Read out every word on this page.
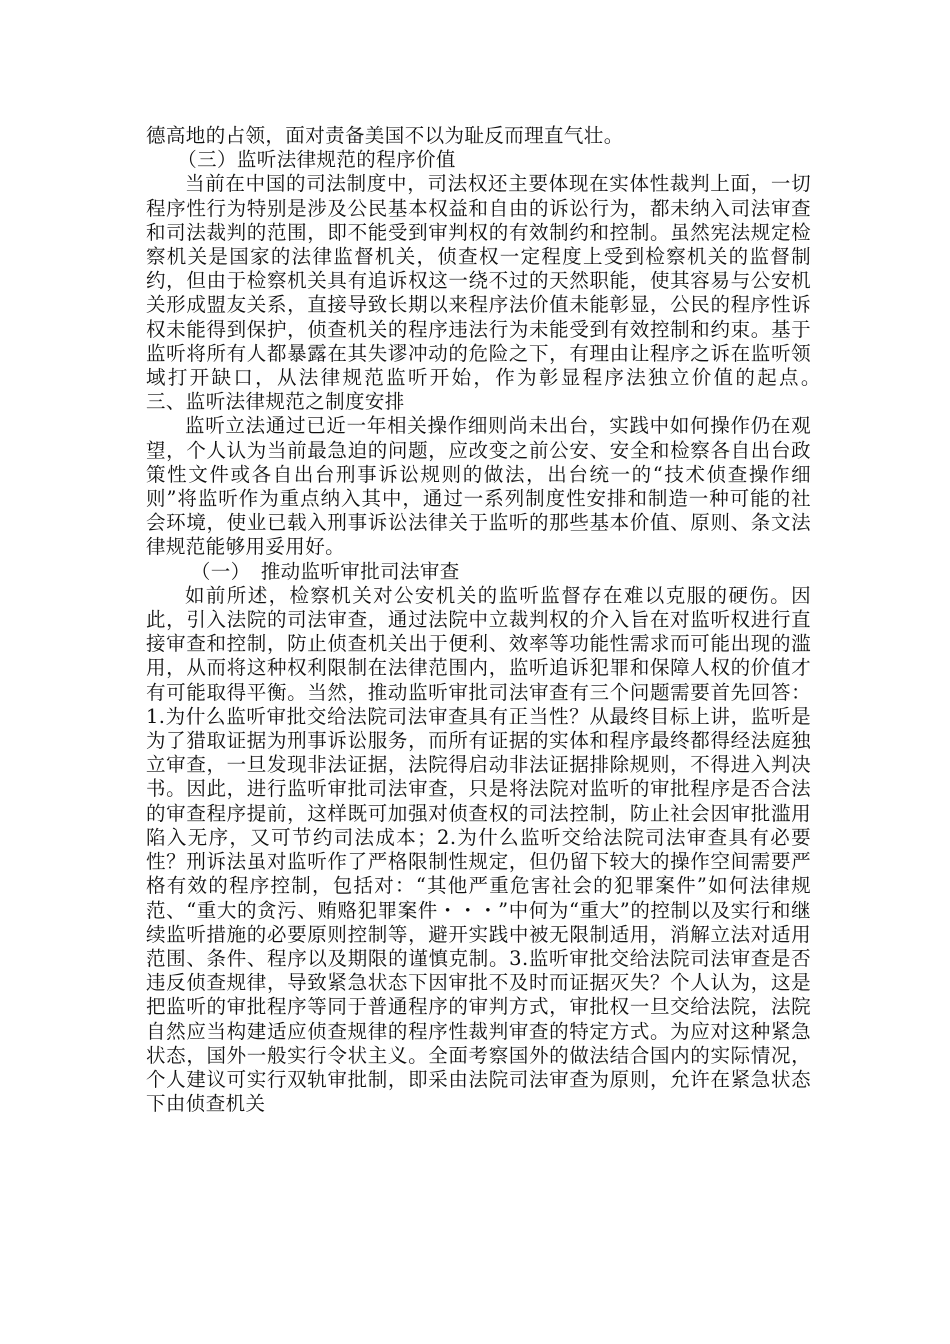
德高地的占领，面对责备美国不以为耻反而理直气壮。

（三）监听法律规范的程序价值

当前在中国的司法制度中，司法权还主要体现在实体性裁判上面，一切程序性行为特别是涉及公民基本权益和自由的诉讼行为，都未纳入司法审查和司法裁判的范围，即不能受到审判权的有效制约和控制。虽然宪法规定检察机关是国家的法律监督机关，侦查权一定程度上受到检察机关的监督制约，但由于检察机关具有追诉权这一绕不过的天然职能，使其容易与公安机关形成盟友关系，直接导致长期以来程序法价值未能彰显，公民的程序性诉权未能得到保护，侦查机关的程序违法行为未能受到有效控制和约束。基于监听将所有人都暴露在其失谬冲动的危险之下，有理由让程序之诉在监听领域打开缺口，从法律规范监听开始，作为彰显程序法独立价值的起点。　　　　三、监听法律规范之制度安排

监听立法通过已近一年相关操作细则尚未出台，实践中如何操作仍在观望，个人认为当前最急迫的问题，应改变之前公安、安全和检察各自出台政策性文件或各自出台刑事诉讼规则的做法，出台统一的“技术侦查操作细则”将监听作为重点纳入其中，通过一系列制度性安排和制造一种可能的社会环境，使业已载入刑事诉讼法律关于监听的那些基本价值、原则、条文法律规范能够用妥用好。

（一）　推动监听审批司法审查

如前所述，检察机关对公安机关的监听监督存在难以克服的硬伤。因此，引入法院的司法审查，通过法院中立裁判权的介入旨在对监听权进行直接审查和控制，防止侦查机关出于便利、效率等功能性需求而可能出现的滥用，从而将这种权利限制在法律范围内，监听追诉犯罪和保障人权的价值才有可能取得平衡。当然，推动监听审批司法审查有三个问题需要首先回答：1.为什么监听审批交给法院司法审查具有正当性？从最终目标上讲，监听是为了猎取证据为刑事诉讼服务，而所有证据的实体和程序最终都得经法庭独立审查，一旦发现非法证据，法院得启动非法证据排除规则，不得进入判决书。因此，进行监听审批司法审查，只是将法院对监听的审批程序是否合法的审查程序提前，这样既可加强对侦查权的司法控制，防止社会因审批滥用陷入无序，又可节约司法成本；2.为什么监听交给法院司法审查具有必要性？刑诉法虽对监听作了严格限制性规定，但仍留下较大的操作空间需要严格有效的程序控制，包括对：“其他严重危害社会的犯罪案件”如何法律规范、“重大的贪污、贿赂犯罪案件・・・”中何为“重大”的控制以及实行和继续监听措施的必要原则控制等，避开实践中被无限制适用，消解立法对适用范围、条件、程序以及期限的谨慎克制。3.监听审批交给法院司法审查是否违反侦查规律，导致紧急状态下因审批不及时而证据灭失？个人认为，这是把监听的审批程序等同于普通程序的审判方式，审批权一旦交给法院，法院自然应当构建适应侦查规律的程序性裁判审查的特定方式。为应对这种紧急状态，国外一般实行令状主义。全面考察国外的做法结合国内的实际情况，个人建议可实行双轨审批制，即采由法院司法审查为原则，允许在紧急状态下由侦查机关
